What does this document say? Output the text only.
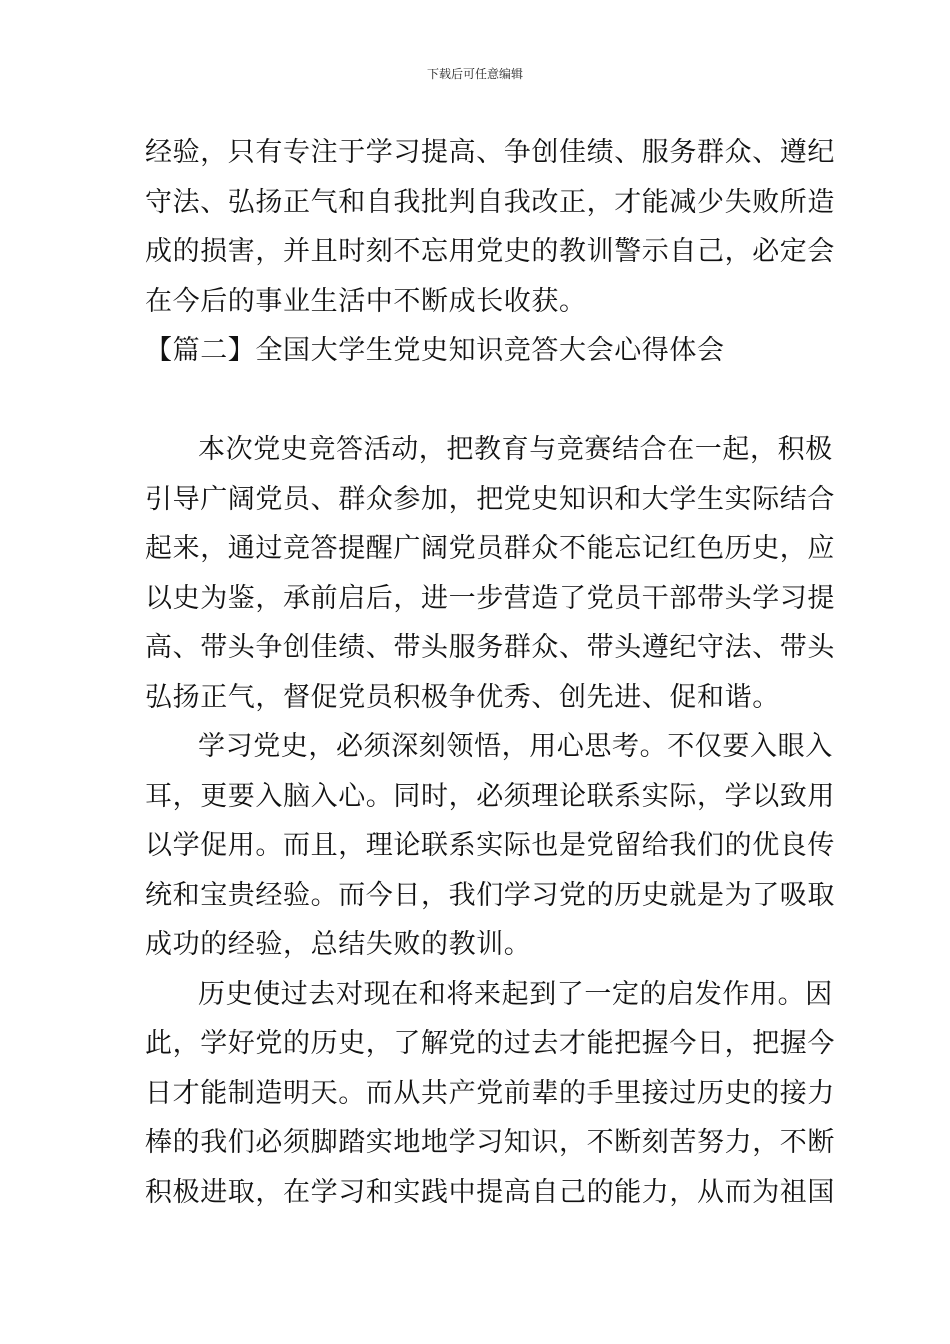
下载后可任意编辑
经验，只有专注于学习提高、争创佳绩、服务群众、遵纪
守法、弘扬正气和自我批判自我改正，才能减少失败所造
成的损害，并且时刻不忘用党史的教训警示自己，必定会
在今后的事业生活中不断成长收获。
【篇二】全国大学生党史知识竞答大会心得体会
本次党史竞答活动，把教育与竞赛结合在一起，积极
引导广阔党员、群众参加，把党史知识和大学生实际结合
起来，通过竞答提醒广阔党员群众不能忘记红色历史，应
以史为鉴，承前启后，进一步营造了党员干部带头学习提
高、带头争创佳绩、带头服务群众、带头遵纪守法、带头
弘扬正气，督促党员积极争优秀、创先进、促和谐。
学习党史，必须深刻领悟，用心思考。不仅要入眼入
耳，更要入脑入心。同时，必须理论联系实际，学以致用
以学促用。而且，理论联系实际也是党留给我们的优良传
统和宝贵经验。而今日，我们学习党的历史就是为了吸取
成功的经验，总结失败的教训。
历史使过去对现在和将来起到了一定的启发作用。因
此，学好党的历史，了解党的过去才能把握今日，把握今
日才能制造明天。而从共产党前辈的手里接过历史的接力
棒的我们必须脚踏实地地学习知识，不断刻苦努力，不断
积极进取，在学习和实践中提高自己的能力，从而为祖国
